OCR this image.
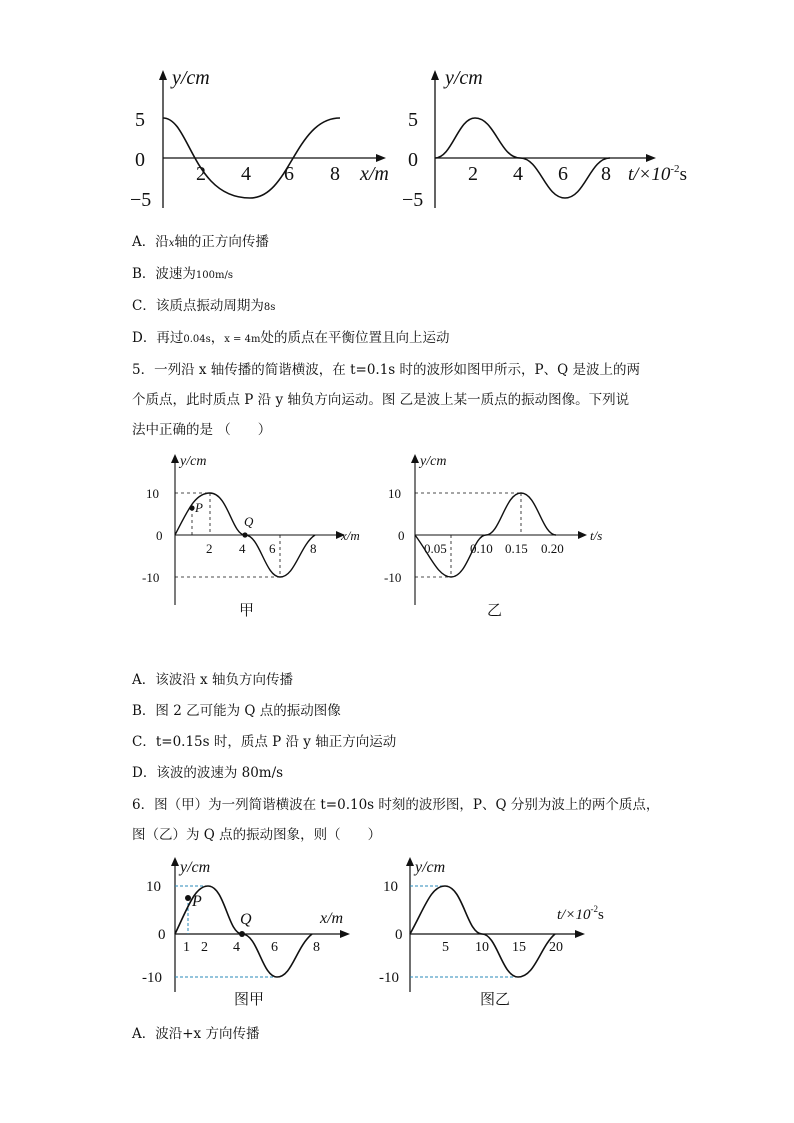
y/cm
5
0
−5
2 4 6 8 x/m
y/cm
5
0
−5
2 4 6 8 $t/\times 10^{-2}s$
A．沿x轴的正方向传播
B．波速为100m/s
C．该质点振动周期为8s
D．再过0.04s，x = 4m处的质点在平衡位置且向上运动
5．一列沿 x 轴传播的简谐横波，在 t=0.1s 时的波形如图甲所示，P、Q 是波上的两
个质点，此时质点 P 沿 y 轴负方向运动。图 乙是波上某一质点的振动图像。下列说
法中正确的是 （　　）
y/cm
10
0
-10
P
Q
2 4 6	8
x/m
甲
y/cm
10
0
-10
0.05 0.10 0.15 0.20
t/s
乙
A．该波沿 x 轴负方向传播
B．图 2 乙可能为 Q 点的振动图像
C．t=0.15s 时，质点 P 沿 y 轴正方向运动
D．该波的波速为 80m/s
6．图（甲）为一列简谐横波在 t=0.10s 时刻的波形图，P、Q 分别为波上的两个质点，
图（乙）为 Q 点的振动图象，则（　　）
y/cm
10
0
-10
P
Q
1 2 4 6	8
x/m
图甲
y/cm
10
0
-10
5 10 15 20
$t/\times 10^{-2}s$
图乙
A．波沿+x 方向传播
